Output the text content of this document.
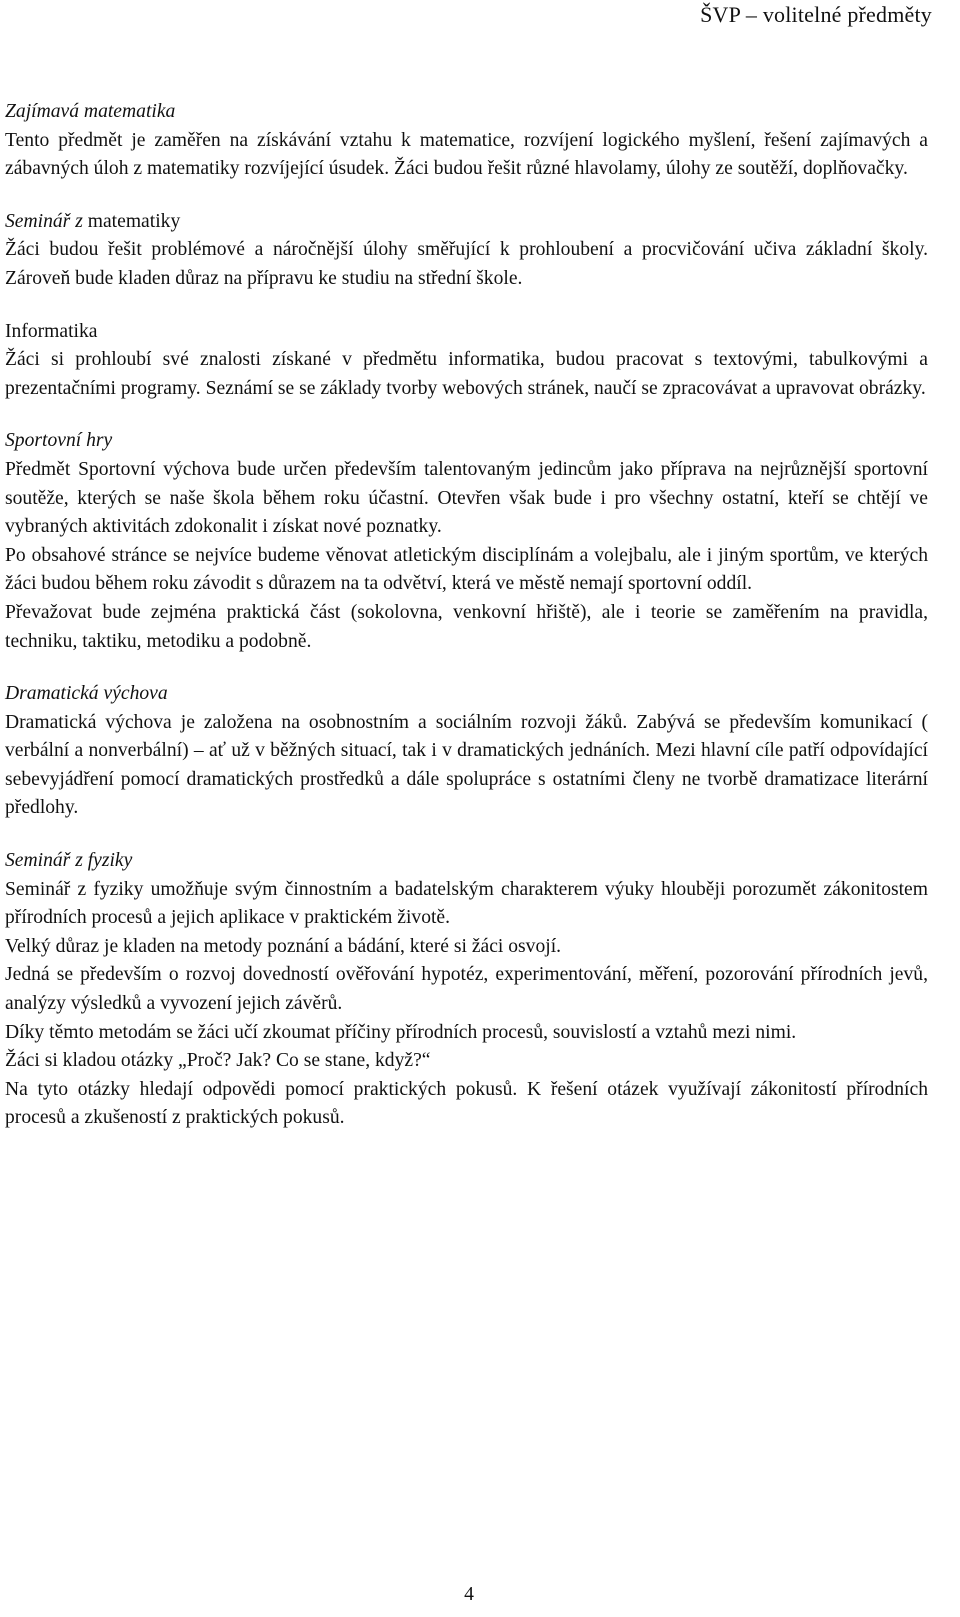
ŠVP – volitelné předměty
Zajímavá matematika

Tento předmět je zaměřen na získávání vztahu k matematice, rozvíjení logického myšlení, řešení zajímavých a zábavných úloh z matematiky rozvíjející úsudek. Žáci budou řešit různé hlavolamy, úlohy ze soutěží, doplňovačky.

Seminář z matematiky

Žáci budou řešit problémové a náročnější úlohy směřující k prohloubení a procvičování učiva základní školy. Zároveň bude kladen důraz na přípravu ke studiu na střední škole.

Informatika

Žáci si prohloubí své znalosti získané v předmětu informatika, budou pracovat s textovými, tabulkovými a prezentačními programy. Seznámí se se základy tvorby webových stránek, naučí se zpracovávat a upravovat obrázky.

Sportovní hry

Předmět Sportovní výchova bude určen především talentovaným jedincům jako příprava na nejrůznější sportovní soutěže, kterých se naše škola během roku účastní. Otevřen však bude i pro všechny ostatní, kteří se chtějí ve vybraných aktivitách zdokonalit i získat nové poznatky.

Po obsahové stránce se nejvíce budeme věnovat atletickým disciplínám a volejbalu, ale i jiným sportům, ve kterých žáci budou během roku závodit s důrazem na ta odvětví, která ve městě nemají sportovní oddíl.

Převažovat bude zejména praktická část (sokolovna, venkovní hřiště), ale i teorie se zaměřením na pravidla, techniku, taktiku, metodiku a podobně.

Dramatická výchova

Dramatická výchova je založena na osobnostním a sociálním rozvoji žáků. Zabývá se především komunikací ( verbální a nonverbální) – ať už v běžných situací, tak i v dramatických jednáních. Mezi hlavní cíle patří odpovídající sebevyjádření pomocí dramatických prostředků a dále spolupráce s ostatními členy ne tvorbě dramatizace literární předlohy.

Seminář z fyziky

Seminář z fyziky umožňuje svým činnostním a badatelským charakterem výuky hlouběji porozumět zákonitostem přírodních procesů a jejich aplikace v praktickém životě.

Velký důraz je kladen na metody poznání a bádání, které si žáci osvojí.

Jedná se především o rozvoj dovedností ověřování hypotéz, experimentování, měření, pozorování přírodních jevů, analýzy výsledků a vyvození jejich závěrů.

Díky těmto metodám se žáci učí zkoumat příčiny přírodních procesů, souvislostí a vztahů mezi nimi.

Žáci si kladou otázky „Proč? Jak? Co se stane, když?“

Na tyto otázky hledají odpovědi pomocí praktických pokusů. K řešení otázek využívají zákonitostí přírodních procesů a zkušeností z praktických pokusů.

4
